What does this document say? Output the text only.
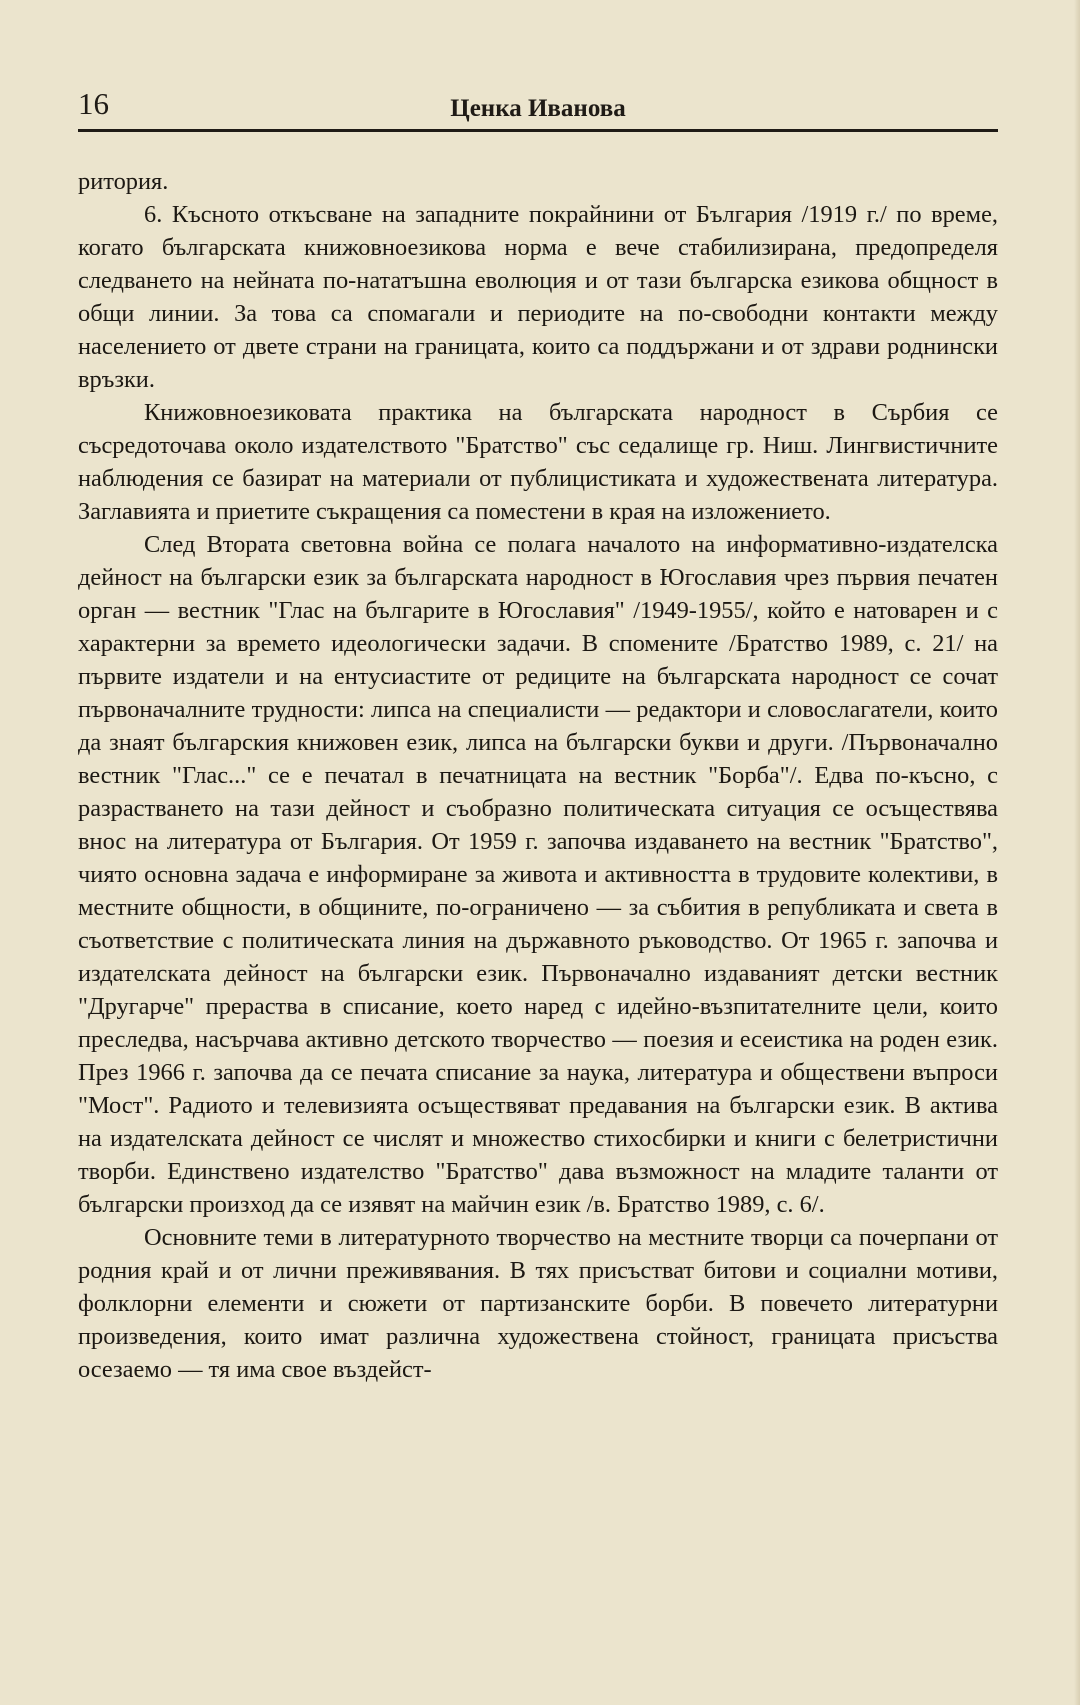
16	Ценка Иванова

ритория.

6. Късното откъсване на западните покрайнини от България /1919 г./ по време, когато българската книжовноезикова норма е вече стабилизирана, предопределя следването на нейната по-нататъшна еволюция и от тази българска езикова общност в общи линии. За това са спомагали и периодите на по-свободни контакти между населението от двете страни на границата, които са поддържани и от здрави роднински връзки.

Книжовноезиковата практика на българската народност в Сърбия се съсредоточава около издателството "Братство" със седалище гр. Ниш. Лингвистичните наблюдения се базират на материали от публицистиката и художествената литература. Заглавията и приетите съкращения са поместени в края на изложението.

След Втората световна война се полага началото на информативно-издателска дейност на български език за българската народност в Югославия чрез първия печатен орган — вестник "Глас на българите в Югославия" /1949-1955/, който е натоварен и с характерни за времето идеологически задачи. В спомените /Братство 1989, с. 21/ на първите издатели и на ентусиастите от редиците на българската народност се сочат първоначалните трудности: липса на специалисти — редактори и словослагатели, които да знаят българския книжовен език, липса на български букви и други. /Първоначално вестник "Глас..." се е печатал в печатницата на вестник "Борба"/. Едва по-късно, с разрастването на тази дейност и съобразно политическата ситуация се осъществява внос на литература от България. От 1959 г. започва издаването на вестник "Братство", чиято основна задача е информиране за живота и активността в трудовите колективи, в местните общности, в общините, по-ограничено — за събития в републиката и света в съответствие с политическата линия на държавното ръководство. От 1965 г. започва и издателската дейност на български език. Първоначално издаваният детски вестник "Другарче" прераства в списание, което наред с идейно-възпитателните цели, които преследва, насърчава активно детското творчество — поезия и есеистика на роден език. През 1966 г. започва да се печата списание за наука, литература и обществени въпроси "Мост". Радиото и телевизията осъществяват предавания на български език. В актива на издателската дейност се числят и множество стихосбирки и книги с белетристични творби. Единствено издателство "Братство" дава възможност на младите таланти от български произход да се изявят на майчин език /в. Братство 1989, с. 6/.

Основните теми в литературното творчество на местните творци са почерпани от родния край и от лични преживявания. В тях присъстват битови и социални мотиви, фолклорни елементи и сюжети от партизанските борби. В повечето литературни произведения, които имат различна художествена стойност, границата присъства осезаемо — тя има свое въздейст-
